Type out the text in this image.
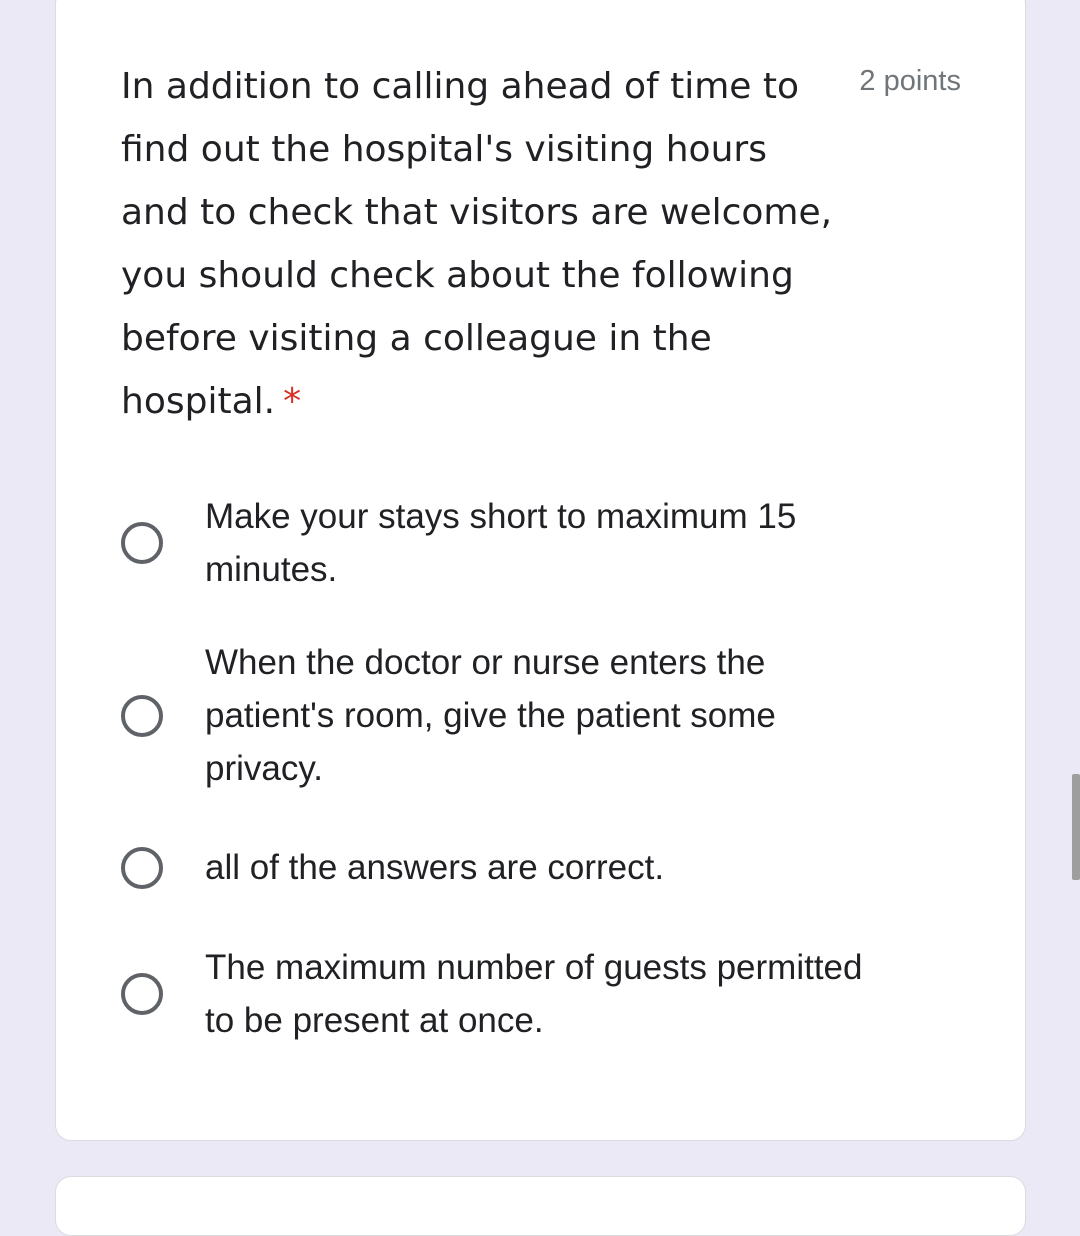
In addition to calling ahead of time to find out the hospital's visiting hours and to check that visitors are welcome, you should check about the following before visiting a colleague in the hospital. *

2 points
Make your stays short to maximum 15 minutes.
When the doctor or nurse enters the patient's room, give the patient some privacy.
all of the answers are correct.
The maximum number of guests permitted to be present at once.
